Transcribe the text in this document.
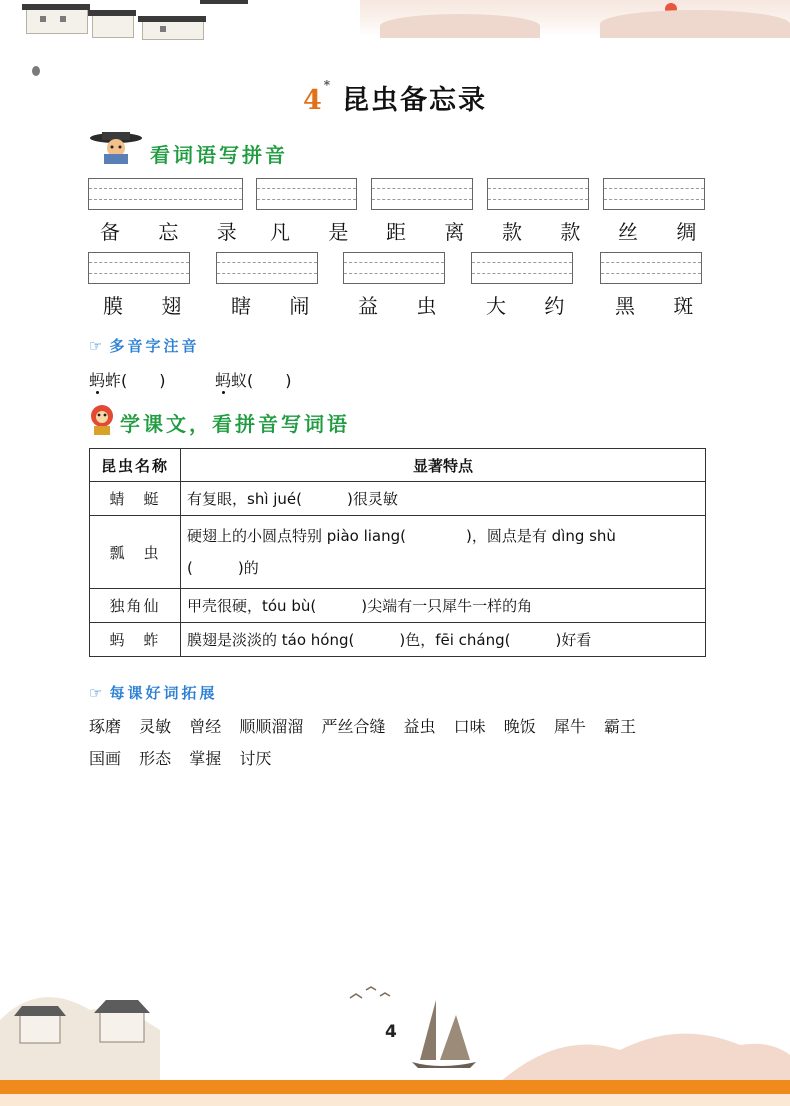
4* 昆虫备忘录
看词语写拼音
备 忘 录 凡 是 距 离 款 款 丝 绸
膜 翅 瞎 闹 益 虫 大 约 黑 斑
☞ 多音字注音
蚂蚱(　　)	蚂蚁(　　)
学课文，看拼音写词语
昆虫名称	显著特点
蜻　蜓	有复眼，shì jué(　　　)很灵敏
瓢　虫	硬翅上的小圆点特别 piào liang(　　　　)，圆点是有 dìng shù
(　　　)的

独角仙	甲壳很硬，tóu bù(　　　)尖端有一只犀牛一样的角
蚂　蚱	膜翅是淡淡的 táo hóng(　　　)色，fēi cháng(　　　)好看
☞ 每课好词拓展
琢磨 灵敏 曾经 顺顺溜溜 严丝合缝 益虫 口味 晚饭 犀牛 霸王
国画 形态 掌握 讨厌
4
